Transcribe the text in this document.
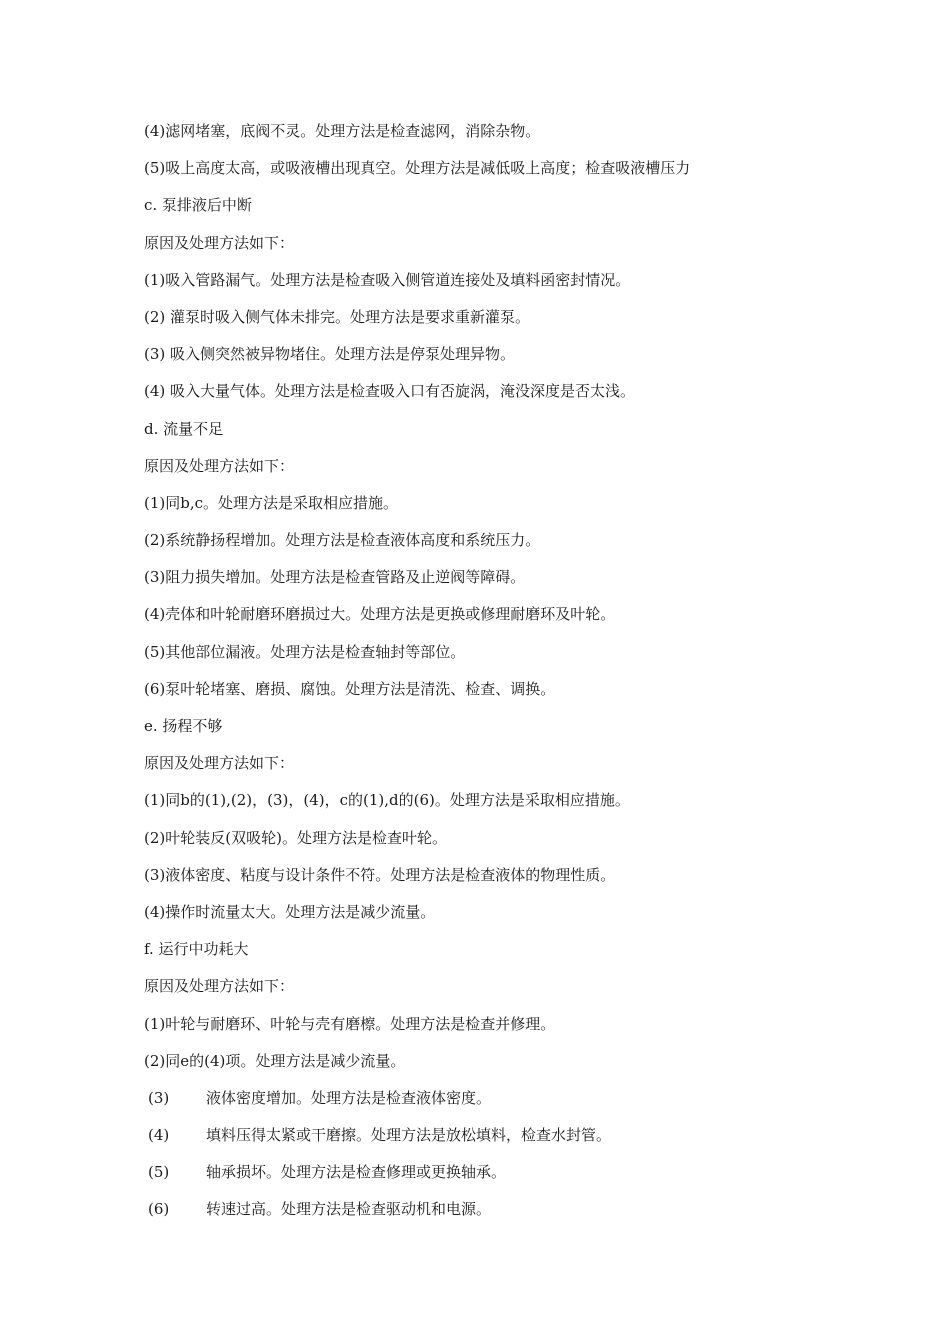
(4)滤网堵塞，底阀不灵。处理方法是检查滤网，消除杂物。
(5)吸上高度太高，或吸液槽出现真空。处理方法是减低吸上高度；检查吸液槽压力
c. 泵排液后中断
原因及处理方法如下：
(1)吸入管路漏气。处理方法是检查吸入侧管道连接处及填料函密封情况。
(2) 灌泵时吸入侧气体未排完。处理方法是要求重新灌泵。
(3) 吸入侧突然被异物堵住。处理方法是停泵处理异物。
(4) 吸入大量气体。处理方法是检查吸入口有否旋涡，淹没深度是否太浅。
d. 流量不足
原因及处理方法如下：
(1)同b,c。处理方法是采取相应措施。
(2)系统静扬程增加。处理方法是检查液体高度和系统压力。
(3)阻力损失增加。处理方法是检查管路及止逆阀等障碍。
(4)壳体和叶轮耐磨环磨损过大。处理方法是更换或修理耐磨环及叶轮。
(5)其他部位漏液。处理方法是检查轴封等部位。
(6)泵叶轮堵塞、磨损、腐蚀。处理方法是清洗、检查、调换。
e. 扬程不够
原因及处理方法如下：
(1)同b的(1),(2)，(3)，(4)，c的(1),d的(6)。处理方法是采取相应措施。
(2)叶轮装反(双吸轮)。处理方法是检查叶轮。
(3)液体密度、粘度与设计条件不符。处理方法是检查液体的物理性质。
(4)操作时流量太大。处理方法是减少流量。
f. 运行中功耗大
原因及处理方法如下：
(1)叶轮与耐磨环、叶轮与壳有磨檫。处理方法是检查并修理。
(2)同e的(4)项。处理方法是减少流量。
(3)	液体密度增加。处理方法是检查液体密度。
(4)	填料压得太紧或干磨擦。处理方法是放松填料，检查水封管。
(5)	轴承损坏。处理方法是检查修理或更换轴承。
(6)	转速过高。处理方法是检查驱动机和电源。
